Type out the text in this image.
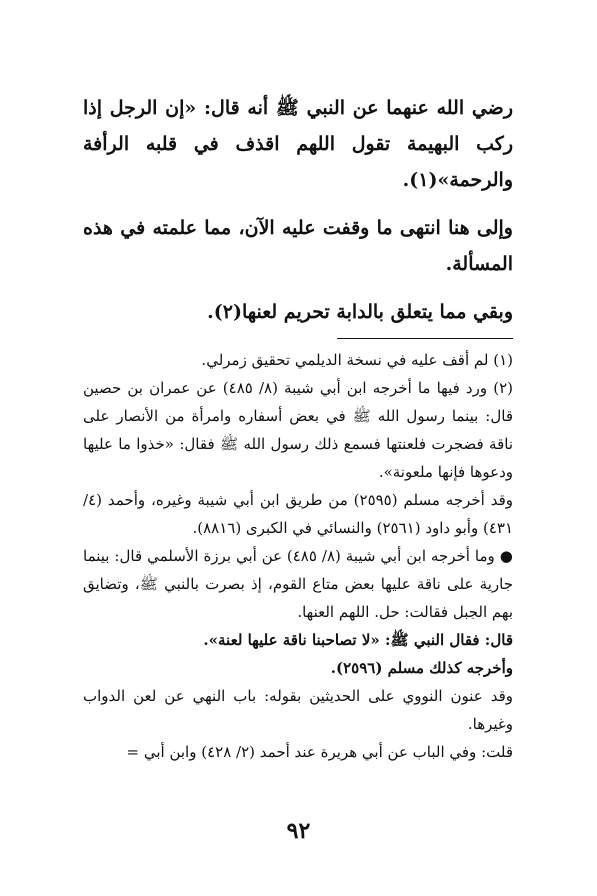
رضي الله عنهما عن النبي ﷺ أنه قال: «إن الرجل إذا ركب البهيمة تقول اللهم اقذف في قلبه الرأفة والرحمة»(١).

وإلى هنا انتهى ما وقفت عليه الآن، مما علمته في هذه المسألة.

وبقي مما يتعلق بالدابة تحريم لعنها(٢).

(١) لم أقف عليه في نسخة الديلمي تحقيق زمرلي.

(٢) ورد فيها ما أخرجه ابن أبي شيبة (٨/ ٤٨٥) عن عمران بن حصين قال: بينما رسول الله ﷺ في بعض أسفاره وامرأة من الأنصار على ناقة فضجرت فلعنتها فسمع ذلك رسول الله ﷺ فقال: «خذوا ما عليها ودعوها فإنها ملعونة».

وقد أخرجه مسلم (٢٥٩٥) من طريق ابن أبي شيبة وغيره، وأحمد (٤/ ٤٣١) وأبو داود (٢٥٦١) والنسائي في الكبرى (٨٨١٦).

● وما أخرجه ابن أبي شيبة (٨/ ٤٨٥) عن أبي برزة الأسلمي قال: بينما جارية على ناقة عليها بعض متاع القوم، إذ بصرت بالنبي ﷺ، وتضايق بهم الجبل فقالت: حل. اللهم العنها.

قال: فقال النبي ﷺ: «لا تصاحبنا ناقة عليها لعنة».

وأخرجه كذلك مسلم (٢٥٩٦).

وقد عنون النووي على الحديثين بقوله: باب النهي عن لعن الدواب وغيرها.

قلت: وفي الباب عن أبي هريرة عند أحمد (٢/ ٤٢٨) وابن أبي =

٩٢
